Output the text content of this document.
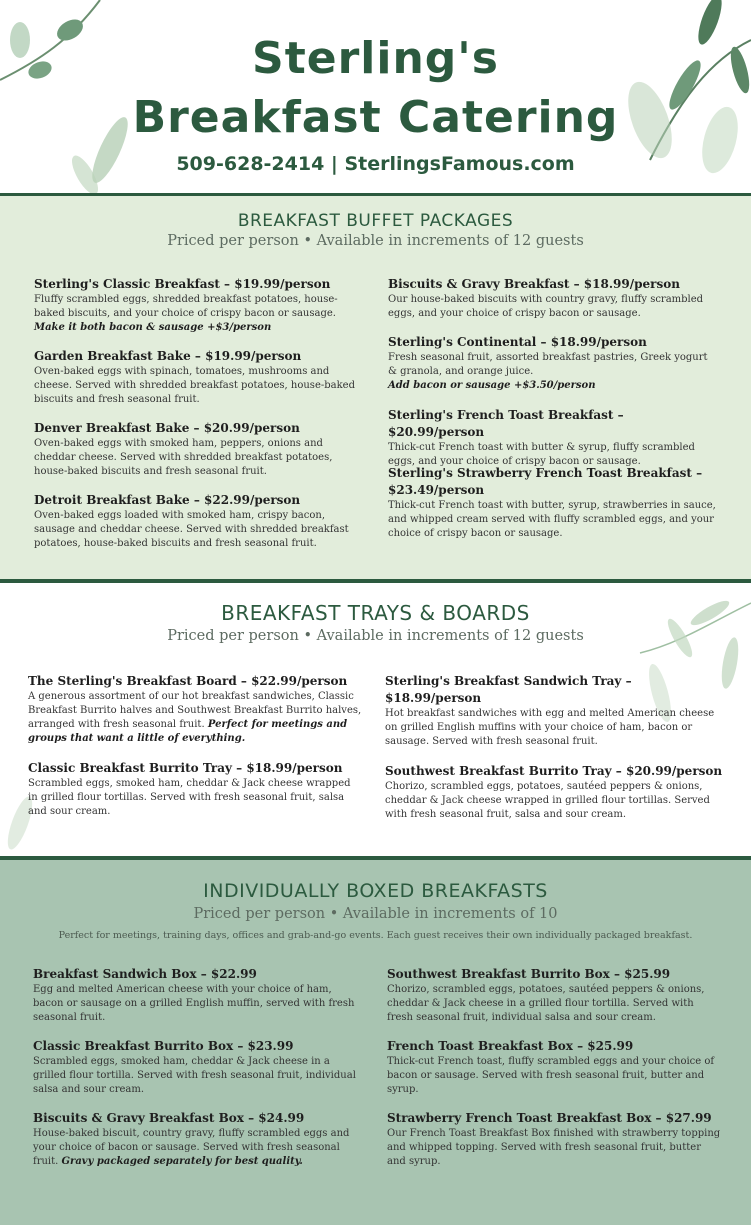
Sterling's
Breakfast Catering
509-628-2414 | SterlingsFamous.com
BREAKFAST BUFFET PACKAGES
Priced per person • Available in increments of 12 guests
Sterling's Classic Breakfast – $19.99/person
Fluffy scrambled eggs, shredded breakfast potatoes, house-baked biscuits, and your choice of crispy bacon or sausage.
Make it both bacon & sausage +$3/person
Garden Breakfast Bake – $19.99/person
Oven-baked eggs with spinach, tomatoes, mushrooms and cheese. Served with shredded breakfast potatoes, house-baked biscuits and fresh seasonal fruit.
Denver Breakfast Bake – $20.99/person
Oven-baked eggs with smoked ham, peppers, onions and cheddar cheese. Served with shredded breakfast potatoes, house-baked biscuits and fresh seasonal fruit.
Detroit Breakfast Bake – $22.99/person
Oven-baked eggs loaded with smoked ham, crispy bacon, sausage and cheddar cheese. Served with shredded breakfast potatoes, house-baked biscuits and fresh seasonal fruit.
Biscuits & Gravy Breakfast – $18.99/person
Our house-baked biscuits with country gravy, fluffy scrambled eggs, and your choice of crispy bacon or sausage.
Sterling's Continental – $18.99/person
Fresh seasonal fruit, assorted breakfast pastries, Greek yogurt & granola, and orange juice.
Add bacon or sausage +$3.50/person
Sterling's French Toast Breakfast – $20.99/person
Thick-cut French toast with butter & syrup, fluffy scrambled eggs, and your choice of crispy bacon or sausage.
Sterling's Strawberry French Toast Breakfast – $23.49/person
Thick-cut French toast with butter, syrup, strawberries in sauce, and whipped cream served with fluffy scrambled eggs, and your choice of crispy bacon or sausage.
BREAKFAST TRAYS & BOARDS
Priced per person • Available in increments of 12 guests
The Sterling's Breakfast Board – $22.99/person
A generous assortment of our hot breakfast sandwiches, Classic Breakfast Burrito halves and Southwest Breakfast Burrito halves, arranged with fresh seasonal fruit. Perfect for meetings and groups that want a little of everything.
Classic Breakfast Burrito Tray – $18.99/person
Scrambled eggs, smoked ham, cheddar & Jack cheese wrapped in grilled flour tortillas. Served with fresh seasonal fruit, salsa and sour cream.
Sterling's Breakfast Sandwich Tray – $18.99/person
Hot breakfast sandwiches with egg and melted American cheese on grilled English muffins with your choice of ham, bacon or sausage. Served with fresh seasonal fruit.
Southwest Breakfast Burrito Tray – $20.99/person
Chorizo, scrambled eggs, potatoes, sautéed peppers & onions, cheddar & Jack cheese wrapped in grilled flour tortillas. Served with fresh seasonal fruit, salsa and sour cream.
INDIVIDUALLY BOXED BREAKFASTS
Priced per person • Available in increments of 10
Perfect for meetings, training days, offices and grab-and-go events. Each guest receives their own individually packaged breakfast.
Breakfast Sandwich Box – $22.99
Egg and melted American cheese with your choice of ham, bacon or sausage on a grilled English muffin, served with fresh seasonal fruit.
Classic Breakfast Burrito Box – $23.99
Scrambled eggs, smoked ham, cheddar & Jack cheese in a grilled flour tortilla. Served with fresh seasonal fruit, individual salsa and sour cream.
Biscuits & Gravy Breakfast Box – $24.99
House-baked biscuit, country gravy, fluffy scrambled eggs and your choice of bacon or sausage. Served with fresh seasonal fruit. Gravy packaged separately for best quality.
Southwest Breakfast Burrito Box – $25.99
Chorizo, scrambled eggs, potatoes, sautéed peppers & onions, cheddar & Jack cheese in a grilled flour tortilla. Served with fresh seasonal fruit, individual salsa and sour cream.
French Toast Breakfast Box – $25.99
Thick-cut French toast, fluffy scrambled eggs and your choice of bacon or sausage. Served with fresh seasonal fruit, butter and syrup.
Strawberry French Toast Breakfast Box – $27.99
Our French Toast Breakfast Box finished with strawberry topping and whipped topping. Served with fresh seasonal fruit, butter and syrup.
